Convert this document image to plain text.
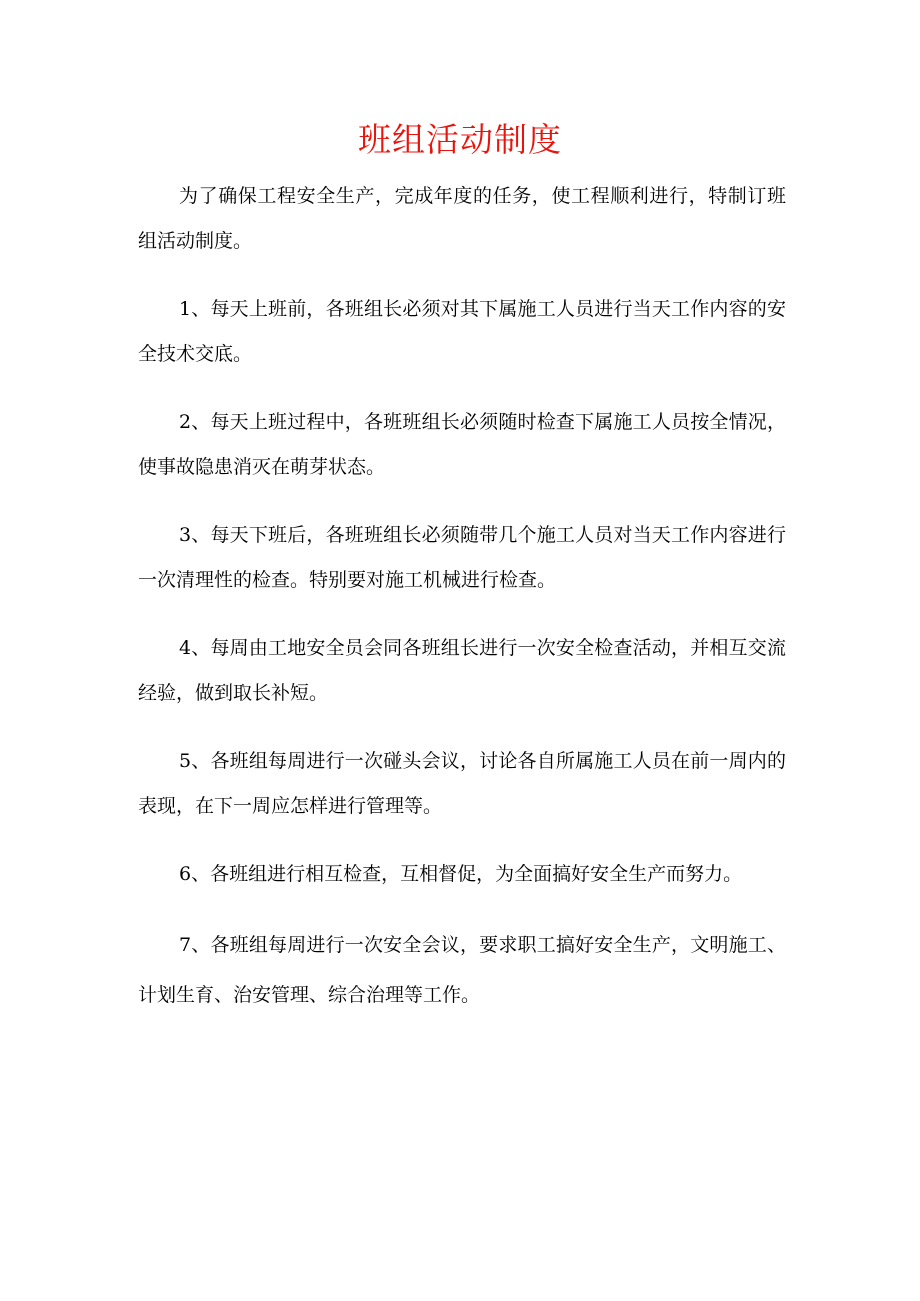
班组活动制度

为了确保工程安全生产，完成年度的任务，使工程顺利进行，特制订班组活动制度。

1、每天上班前，各班组长必须对其下属施工人员进行当天工作内容的安全技术交底。

2、每天上班过程中，各班班组长必须随时检查下属施工人员按全情况，使事故隐患消灭在萌芽状态。

3、每天下班后，各班班组长必须随带几个施工人员对当天工作内容进行一次清理性的检查。特别要对施工机械进行检查。

4、每周由工地安全员会同各班组长进行一次安全检查活动，并相互交流经验，做到取长补短。

5、各班组每周进行一次碰头会议，讨论各自所属施工人员在前一周内的表现，在下一周应怎样进行管理等。

6、各班组进行相互检查，互相督促，为全面搞好安全生产而努力。

7、各班组每周进行一次安全会议，要求职工搞好安全生产，文明施工、计划生育、治安管理、综合治理等工作。
